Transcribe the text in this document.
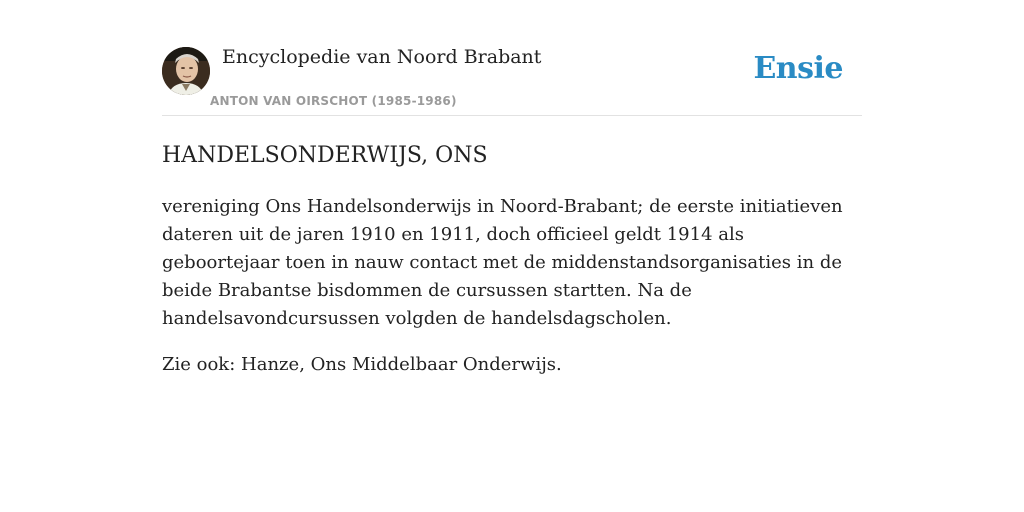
Encyclopedie van Noord Brabant
ANTON VAN OIRSCHOT (1985-1986)
Ensie
HANDELSONDERWIJS, ONS

vereniging Ons Handelsonderwijs in Noord-Brabant; de eerste initiatieven dateren uit de jaren 1910 en 1911, doch officieel geldt 1914 als geboortejaar toen in nauw contact met de middenstandsorganisaties in de beide Brabantse bisdommen de cursussen startten. Na de handelsavondcursussen volgden de handelsdagscholen.

Zie ook: Hanze, Ons Middelbaar Onderwijs.
